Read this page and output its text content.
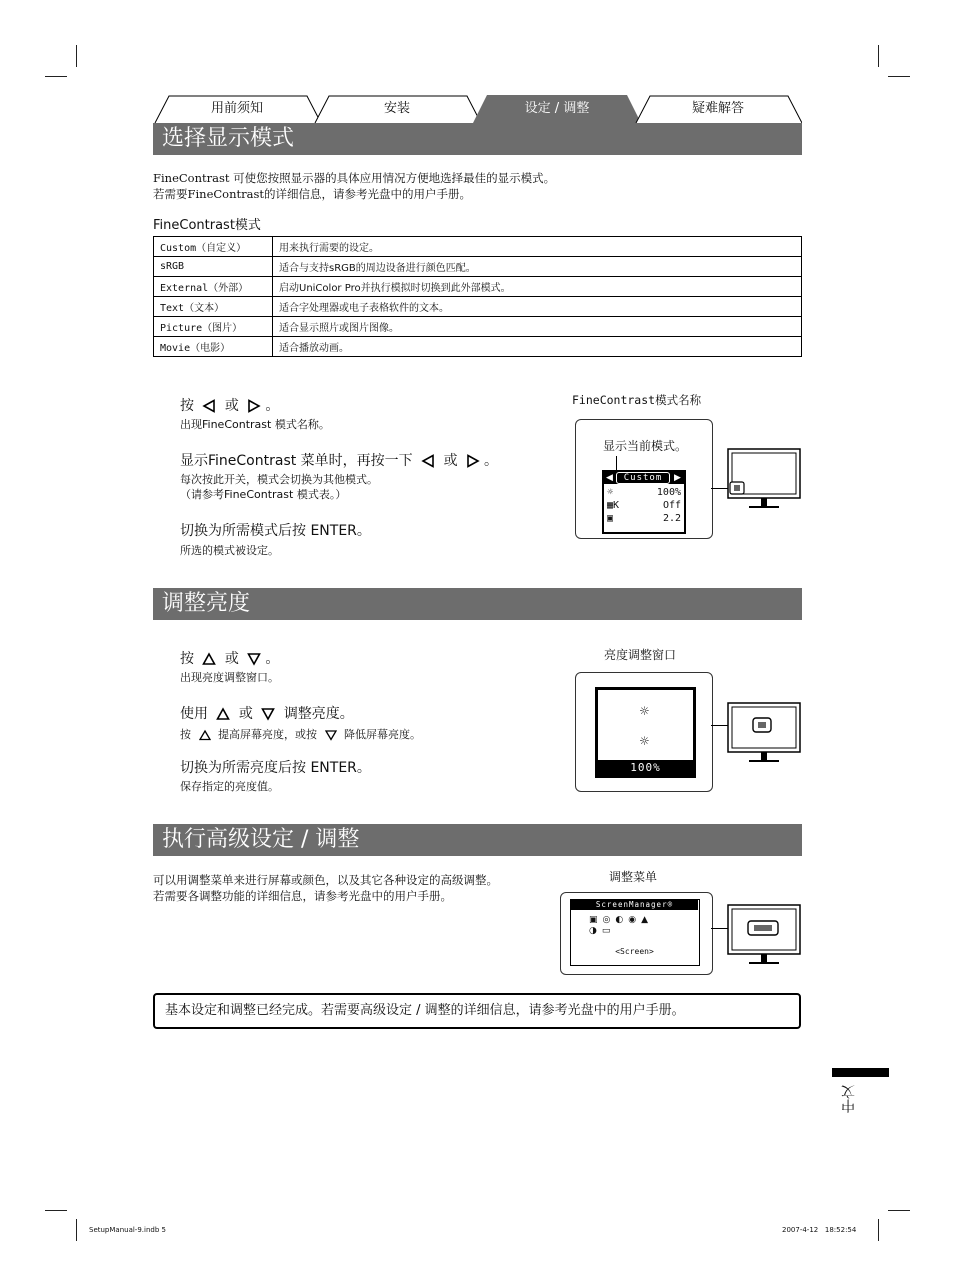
用前须知	安装	设定 / 调整	疑难解答
选择显示模式
FineContrast 可使您按照显示器的具体应用情况方便地选择最佳的显示模式。
若需要FineContrast的详细信息，请参考光盘中的用户手册。
FineContrast模式
Custom（自定义）	用来执行需要的设定。
sRGB	适合与支持sRGB的周边设备进行颜色匹配。
External（外部）	启动UniColor Pro并执行模拟时切换到此外部模式。
Text（文本）	适合字处理器或电子表格软件的文本。
Picture（图片）	适合显示照片或图片图像。
Movie（电影）	适合播放动画。
按 或 。
出现FineContrast 模式名称。
显示FineContrast 菜单时，再按一下 或 。
每次按此开关，模式会切换为其他模式。
（请参考FineContrast 模式表。）
切换为所需模式后按 ENTER。
所选的模式被设定。
FineContrast模式名称
显示当前模式。
◀	▶
Custom
☼	100%
▦K	Off
▣	2.2
调整亮度
按 或 。
出现亮度调整窗口。
使用 或 调整亮度。
按 提高屏幕亮度，或按 降低屏幕亮度。
切换为所需亮度后按 ENTER。
保存指定的亮度值。
亮度调整窗口
☼
☼
100%
执行高级设定 / 调整
可以用调整菜单来进行屏幕或颜色，以及其它各种设定的高级调整。
若需要各调整功能的详细信息，请参考光盘中的用户手册。
调整菜单
ScreenManager®
▣◎◐◉▲
◑▭
<Screen>
基本设定和调整已经完成。若需要高级设定 / 调整的详细信息，请参考光盘中的用户手册。
中文
SetupManual-9.indb 5	2007-4-12   18:52:54
